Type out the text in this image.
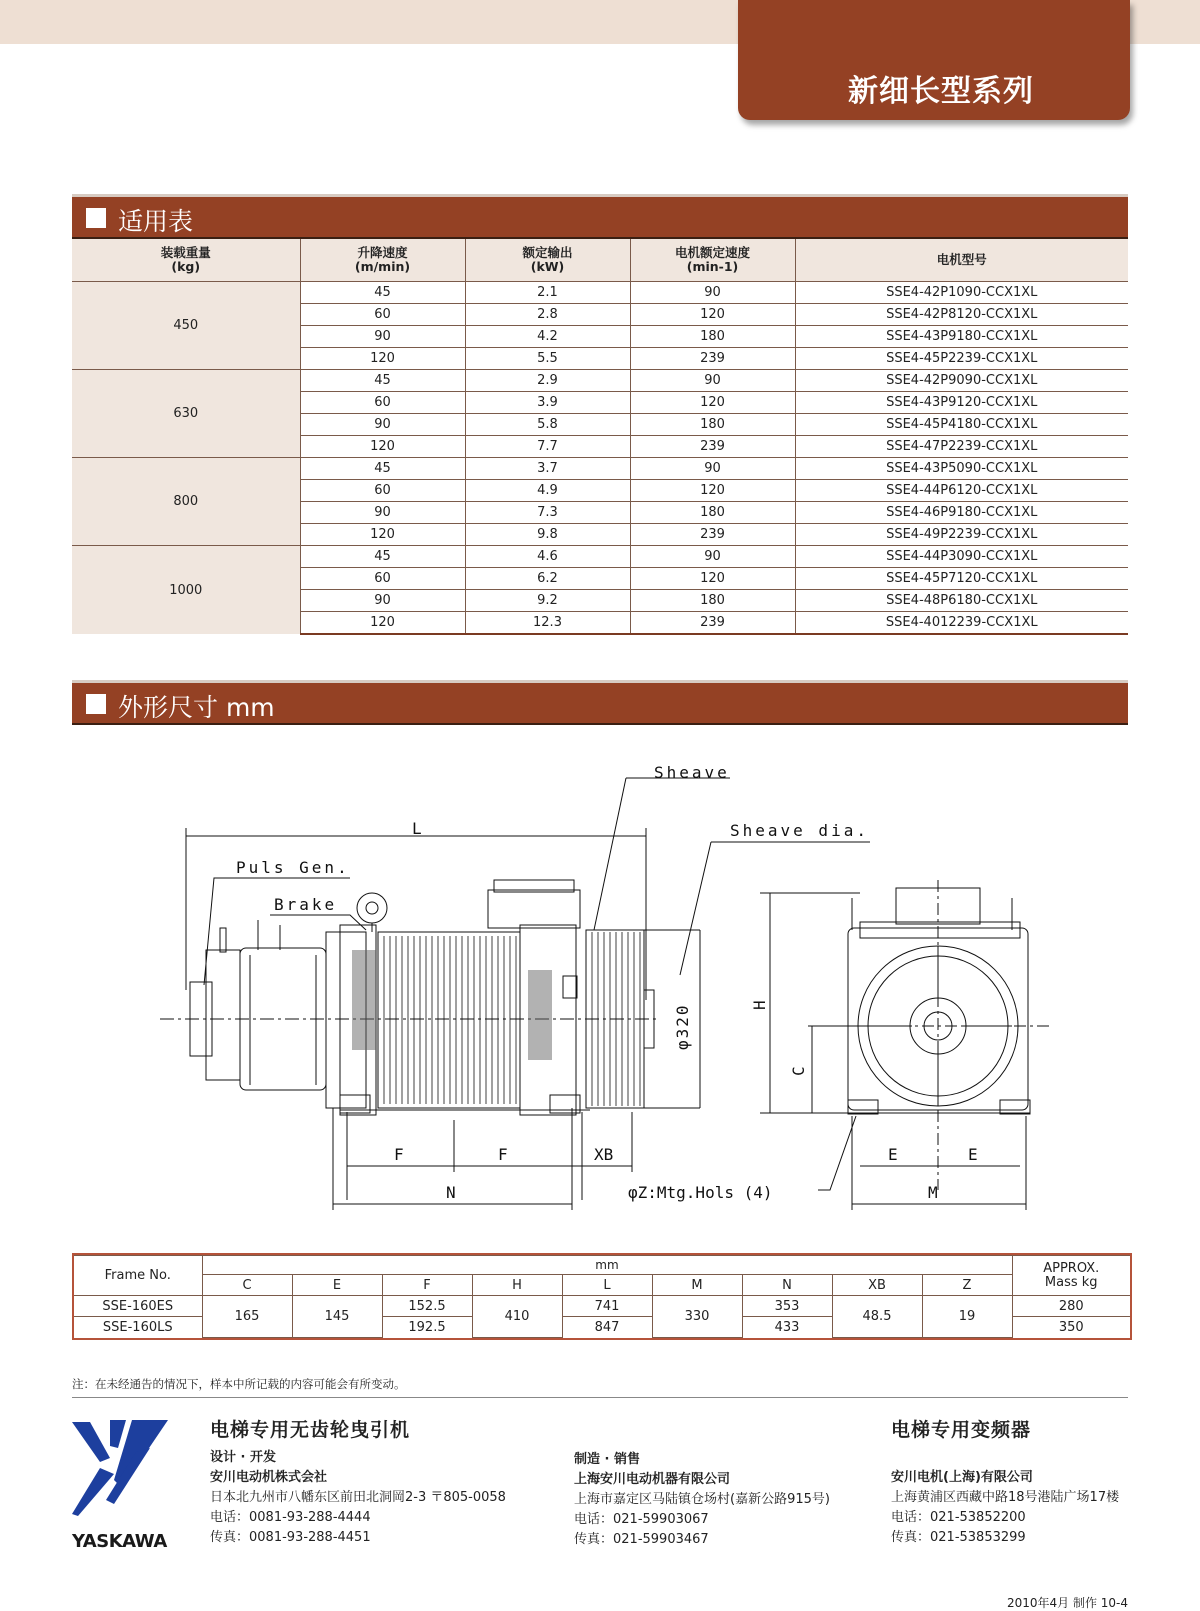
新细长型系列
适用表
装载重量
(kg)	升降速度
(m/min)	额定输出
(kW)	电机额定速度
(min-1)	电机型号
450	45	2.1	90	SSE4-42P1090-CCX1XL
	60	2.8	120	SSE4-42P8120-CCX1XL
	90	4.2	180	SSE4-43P9180-CCX1XL
	120	5.5	239	SSE4-45P2239-CCX1XL
630	45	2.9	90	SSE4-42P9090-CCX1XL
	60	3.9	120	SSE4-43P9120-CCX1XL
	90	5.8	180	SSE4-45P4180-CCX1XL
	120	7.7	239	SSE4-47P2239-CCX1XL
800	45	3.7	90	SSE4-43P5090-CCX1XL
	60	4.9	120	SSE4-44P6120-CCX1XL
	90	7.3	180	SSE4-46P9180-CCX1XL
	120	9.8	239	SSE4-49P2239-CCX1XL
1000	45	4.6	90	SSE4-44P3090-CCX1XL
	60	6.2	120	SSE4-45P7120-CCX1XL
	90	9.2	180	SSE4-48P6180-CCX1XL
	120	12.3	239	SSE4-4012239-CCX1XL
外形尺寸 mm
Sheave
Sheave dia.
Puls Gen.
Brake
L
F	F	XB
N	φZ:Mtg.Hols (4)
E	E
M
φ320	H
C
Frame No.	mm									APPROX.
Mass kg
	C	E	F	H	L	M	N	XB	Z	
SSE-160ES	165	145	152.5	410	741	330	353	48.5	19	280
SSE-160LS			192.5		847		433			350
注：在未经通告的情况下，样本中所记载的内容可能会有所变动。
YASKAWA
电梯专用无齿轮曳引机
设计 · 开发
安川电动机株式会社
日本北九州市八幡东区前田北洞岡2-3 〒805-0058
电话：0081-93-288-4444
传真：0081-93-288-4451
制造 · 销售
上海安川电动机器有限公司
上海市嘉定区马陆镇仓场村(嘉新公路915号)
电话：021-59903067
传真：021-59903467
电梯专用变频器
安川电机(上海)有限公司
上海黄浦区西藏中路18号港陆广场17楼
电话：021-53852200
传真：021-53853299
2010年4月 制作 10-4
